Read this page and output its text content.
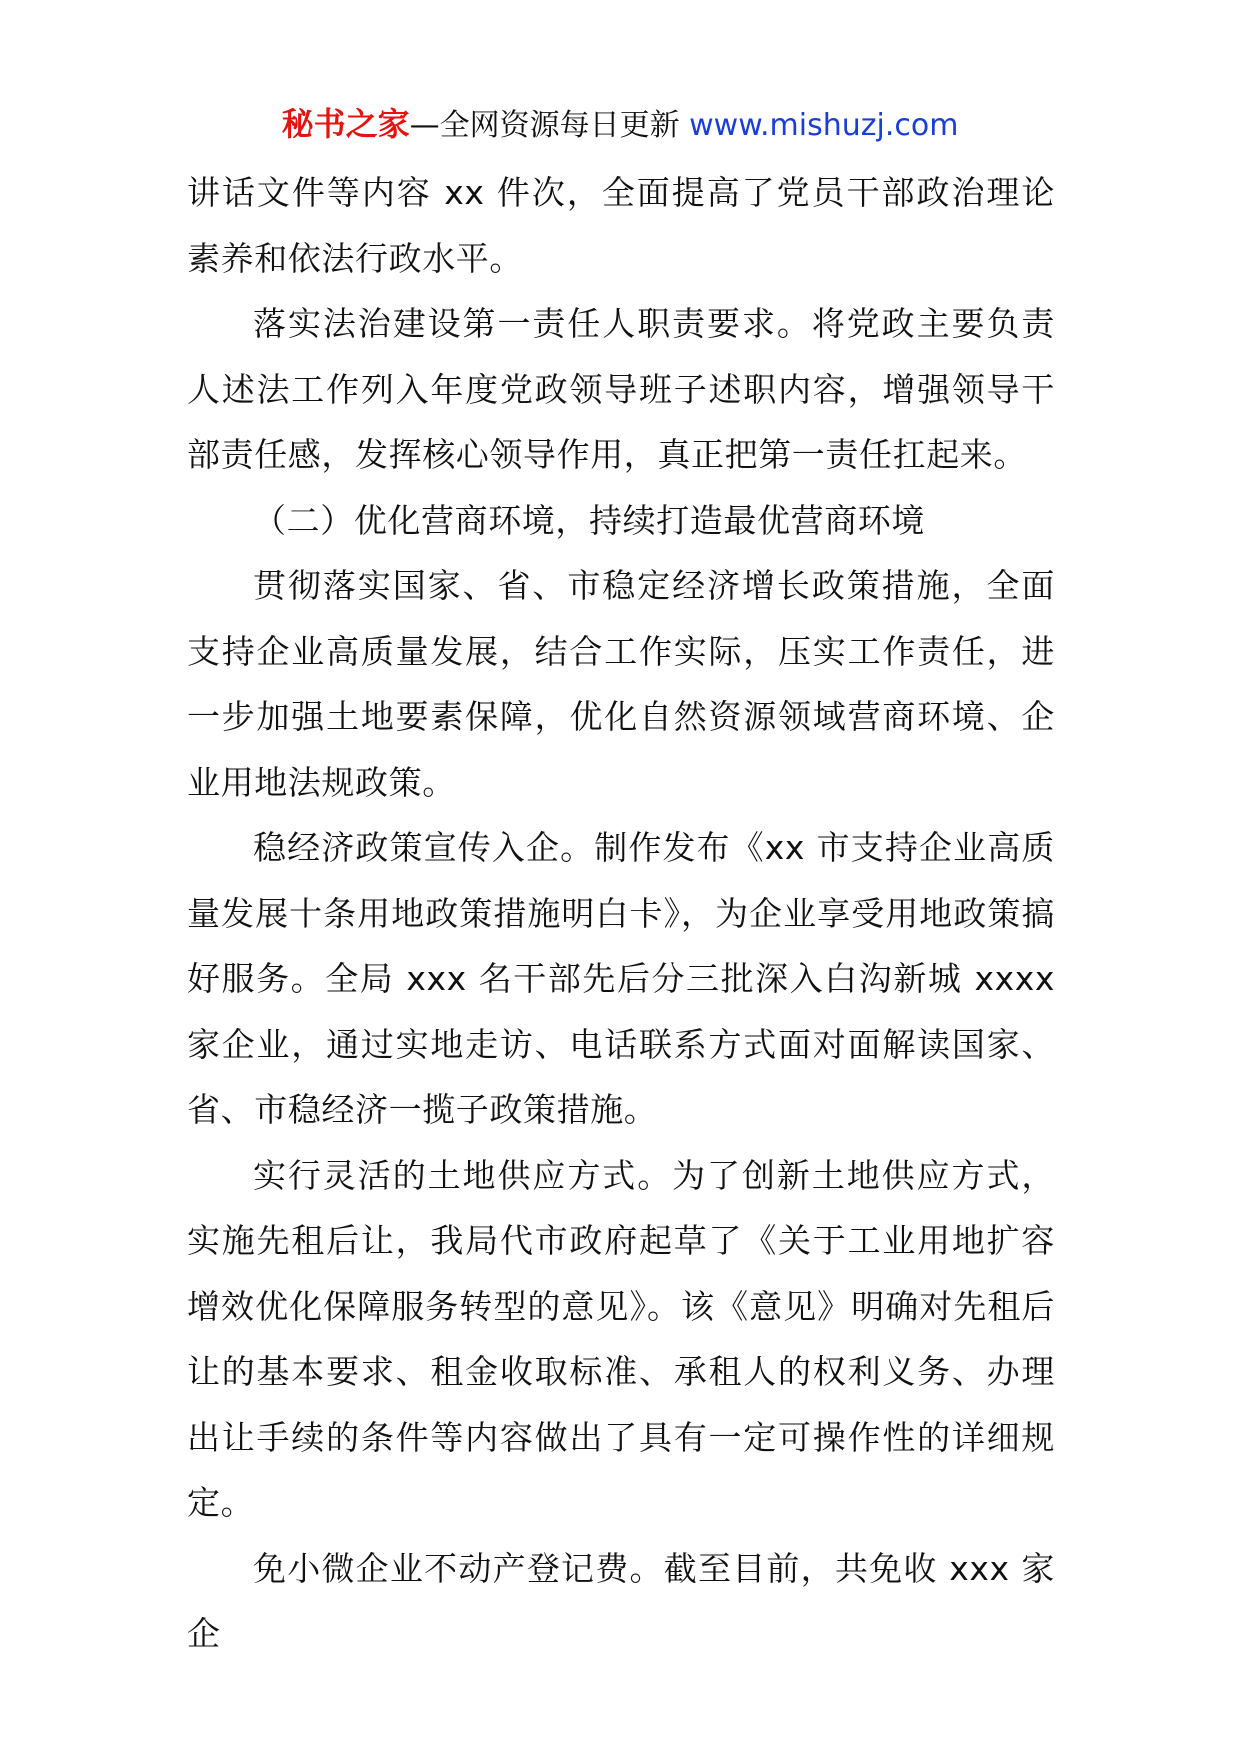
秘书之家—全网资源每日更新 www.mishuzj.com

讲话文件等内容 xx 件次，全面提高了党员干部政治理论素养和依法行政水平。

落实法治建设第一责任人职责要求。将党政主要负责人述法工作列入年度党政领导班子述职内容，增强领导干部责任感，发挥核心领导作用，真正把第一责任扛起来。

（二）优化营商环境，持续打造最优营商环境

贯彻落实国家、省、市稳定经济增长政策措施，全面支持企业高质量发展，结合工作实际，压实工作责任，进一步加强土地要素保障，优化自然资源领域营商环境、企业用地法规政策。

稳经济政策宣传入企。制作发布《xx 市支持企业高质量发展十条用地政策措施明白卡》，为企业享受用地政策搞好服务。全局 xxx 名干部先后分三批深入白沟新城 xxxx 家企业，通过实地走访、电话联系方式面对面解读国家、省、市稳经济一揽子政策措施。

实行灵活的土地供应方式。为了创新土地供应方式，实施先租后让，我局代市政府起草了《关于工业用地扩容增效优化保障服务转型的意见》。该《意见》明确对先租后让的基本要求、租金收取标准、承租人的权利义务、办理出让手续的条件等内容做出了具有一定可操作性的详细规定。

免小微企业不动产登记费。截至目前，共免收 xxx 家企
